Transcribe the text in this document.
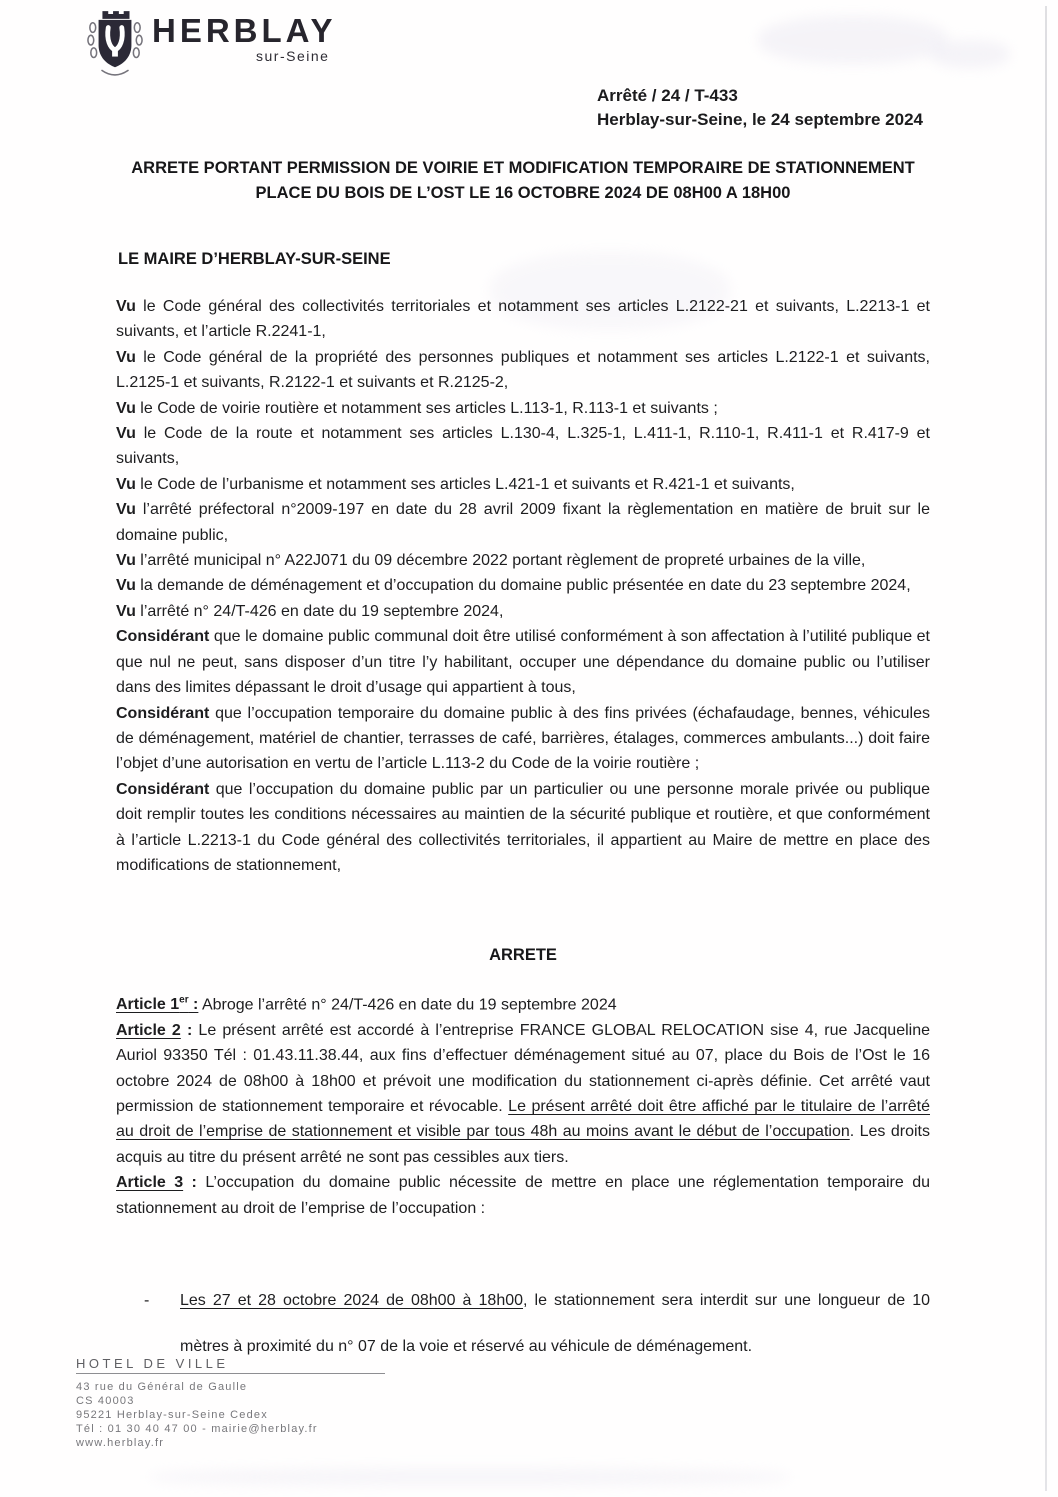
HERBLAY
sur-Seine
Arrêté / 24 / T-433
Herblay-sur-Seine, le 24 septembre 2024
ARRETE PORTANT PERMISSION DE VOIRIE ET MODIFICATION TEMPORAIRE DE STATIONNEMENT
PLACE DU BOIS DE L’OST LE 16 OCTOBRE 2024 DE 08H00 A 18H00
LE MAIRE D’HERBLAY-SUR-SEINE

Vu le Code général des collectivités territoriales et notamment ses articles L.2122-21 et suivants, L.2213-1 et suivants, et l’article R.2241-1,

Vu le Code général de la propriété des personnes publiques et notamment ses articles L.2122-1 et suivants, L.2125-1 et suivants, R.2122-1 et suivants et R.2125-2,

Vu le Code de voirie routière et notamment ses articles L.113-1, R.113-1 et suivants ;

Vu le Code de la route et notamment ses articles L.130-4, L.325-1, L.411-1, R.110-1, R.411-1 et R.417-9 et suivants,

Vu le Code de l’urbanisme et notamment ses articles L.421-1 et suivants et R.421-1 et suivants,

Vu l’arrêté préfectoral n°2009-197 en date du 28 avril 2009 fixant la règlementation en matière de bruit sur le domaine public,

Vu l’arrêté municipal n° A22J071 du 09 décembre 2022 portant règlement de propreté urbaines de la ville,

Vu la demande de déménagement et d’occupation du domaine public présentée en date du 23 septembre 2024,

Vu l’arrêté n° 24/T-426 en date du 19 septembre 2024,

Considérant que le domaine public communal doit être utilisé conformément à son affectation à l’utilité publique et que nul ne peut, sans disposer d’un titre l’y habilitant, occuper une dépendance du domaine public ou l’utiliser dans des limites dépassant le droit d’usage qui appartient à tous,

Considérant que l’occupation temporaire du domaine public à des fins privées (échafaudage, bennes, véhicules de déménagement, matériel de chantier, terrasses de café, barrières, étalages, commerces ambulants...) doit faire l’objet d’une autorisation en vertu de l’article L.113-2 du Code de la voirie routière ;

Considérant que l’occupation du domaine public par un particulier ou une personne morale privée ou publique doit remplir toutes les conditions nécessaires au maintien de la sécurité publique et routière, et que conformément à l’article L.2213-1 du Code général des collectivités territoriales, il appartient au Maire de mettre en place des modifications de stationnement,

ARRETE

Article 1er : Abroge l’arrêté n° 24/T-426 en date du 19 septembre 2024

Article 2 : Le présent arrêté est accordé à l’entreprise FRANCE GLOBAL RELOCATION sise 4, rue Jacqueline Auriol 93350 Tél : 01.43.11.38.44, aux fins d’effectuer déménagement situé au 07, place du Bois de l’Ost le 16 octobre 2024 de 08h00 à 18h00 et prévoit une modification du stationnement ci-après définie. Cet arrêté vaut permission de stationnement temporaire et révocable. Le présent arrêté doit être affiché par le titulaire de l’arrêté au droit de l’emprise de stationnement et visible par tous 48h au moins avant le début de l’occupation. Les droits acquis au titre du présent arrêté ne sont pas cessibles aux tiers.

Article 3 : L’occupation du domaine public nécessite de mettre en place une réglementation temporaire du stationnement au droit de l’emprise de l’occupation :

- Les 27 et 28 octobre 2024 de 08h00 à 18h00, le stationnement sera interdit sur une longueur de 10 mètres à proximité du n° 07 de la voie et réservé au véhicule de déménagement.
HOTEL DE VILLE
43 rue du Général de Gaulle
CS 40003
95221 Herblay-sur-Seine Cedex
Tél : 01 30 40 47 00 - mairie@herblay.fr
www.herblay.fr
